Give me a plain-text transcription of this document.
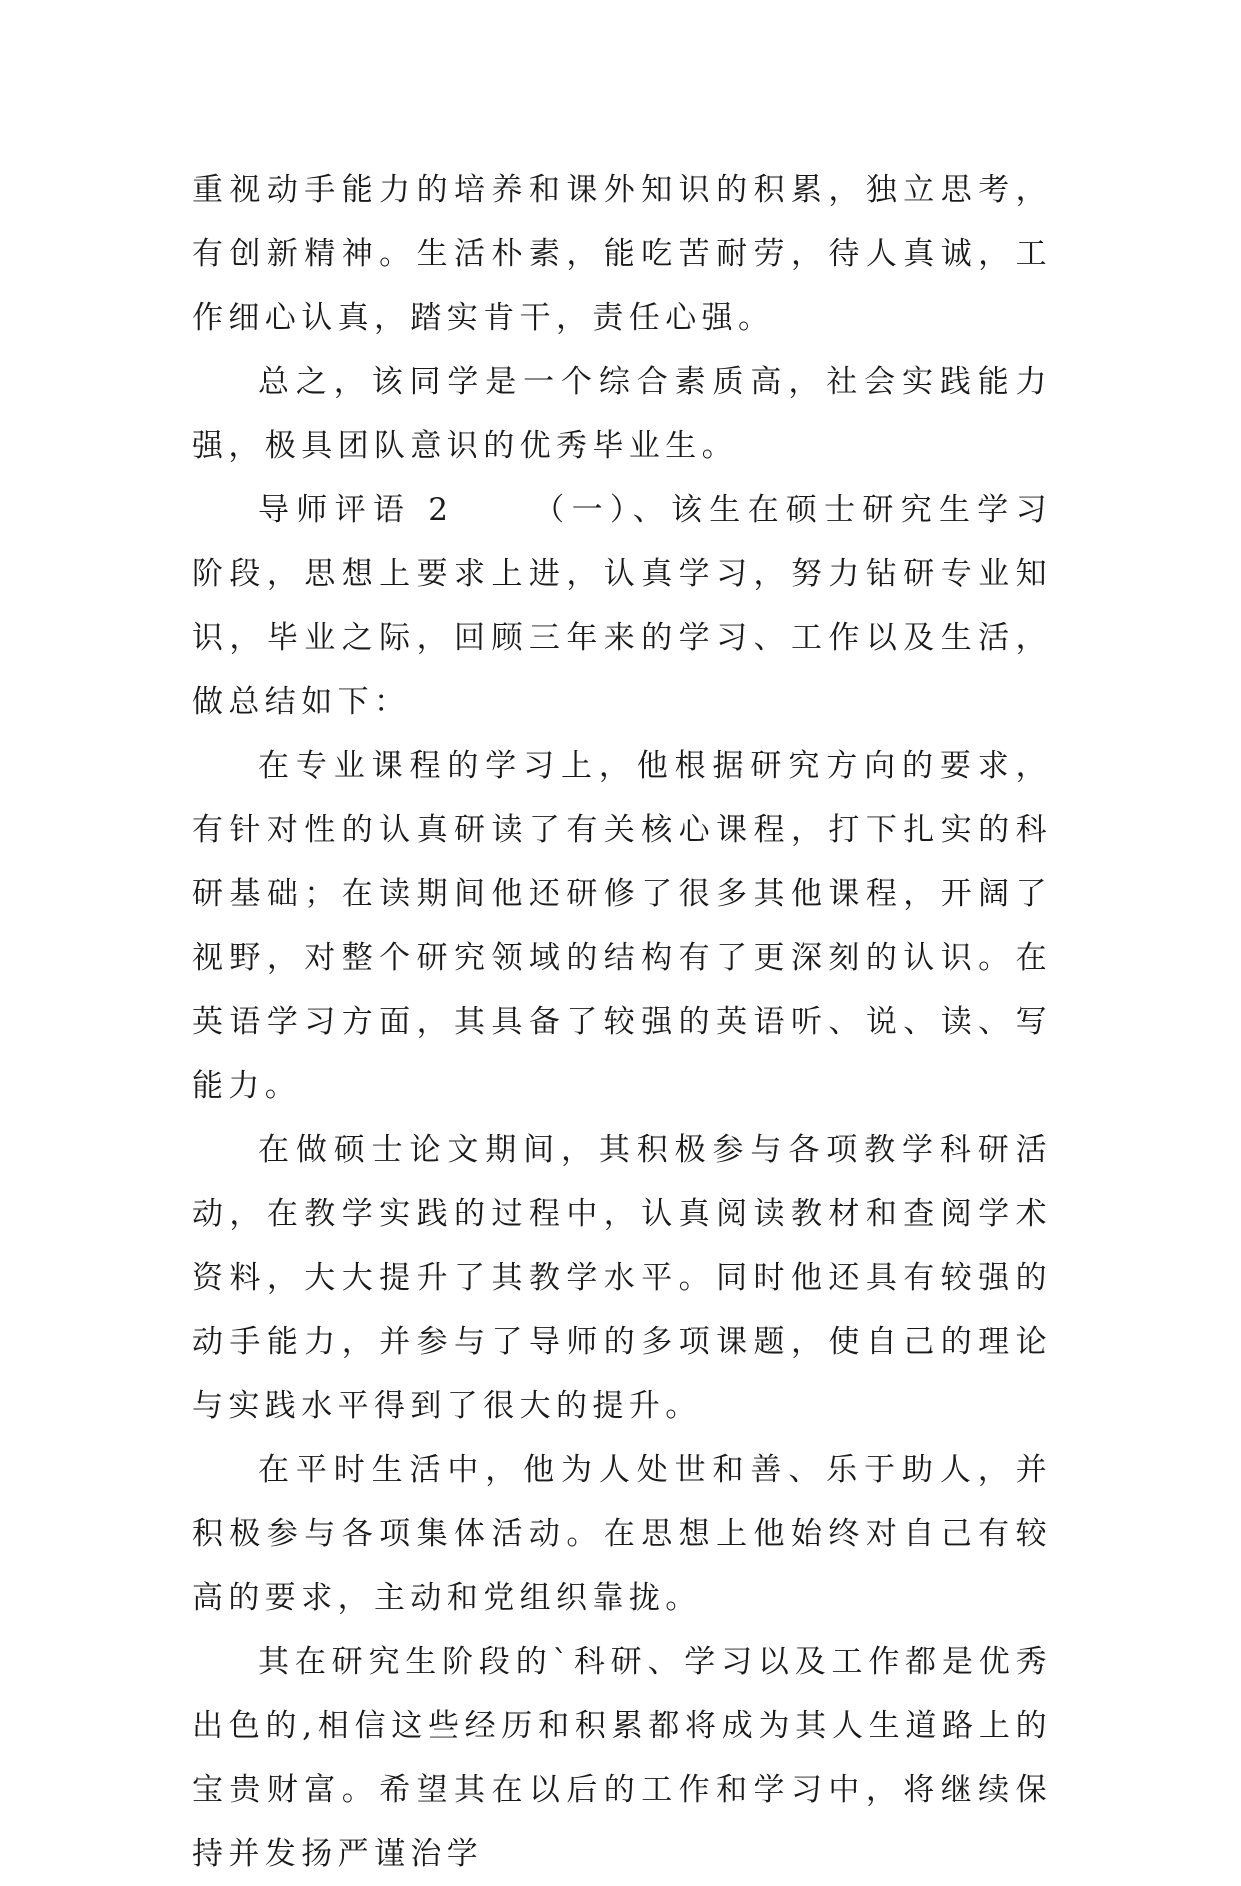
重视动手能力的培养和课外知识的积累，独立思考，有创新精神。生活朴素，能吃苦耐劳，待人真诚，工作细心认真，踏实肯干，责任心强。

总之，该同学是一个综合素质高，社会实践能力强，极具团队意识的优秀毕业生。

导师评语 2	（一）、该生在硕士研究生学习阶段，思想上要求上进，认真学习，努力钻研专业知识，毕业之际，回顾三年来的学习、工作以及生活，做总结如下：

在专业课程的学习上，他根据研究方向的要求，有针对性的认真研读了有关核心课程，打下扎实的科研基础；在读期间他还研修了很多其他课程，开阔了视野，对整个研究领域的结构有了更深刻的认识。在英语学习方面，其具备了较强的英语听、说、读、写能力。

在做硕士论文期间，其积极参与各项教学科研活动，在教学实践的过程中，认真阅读教材和查阅学术资料，大大提升了其教学水平。同时他还具有较强的动手能力，并参与了导师的多项课题，使自己的理论与实践水平得到了很大的提升。

在平时生活中，他为人处世和善、乐于助人，并积极参与各项集体活动。在思想上他始终对自己有较高的要求，主动和党组织靠拢。

其在研究生阶段的`科研、学习以及工作都是优秀出色的,相信这些经历和积累都将成为其人生道路上的宝贵财富。希望其在以后的工作和学习中，将继续保持并发扬严谨治学
